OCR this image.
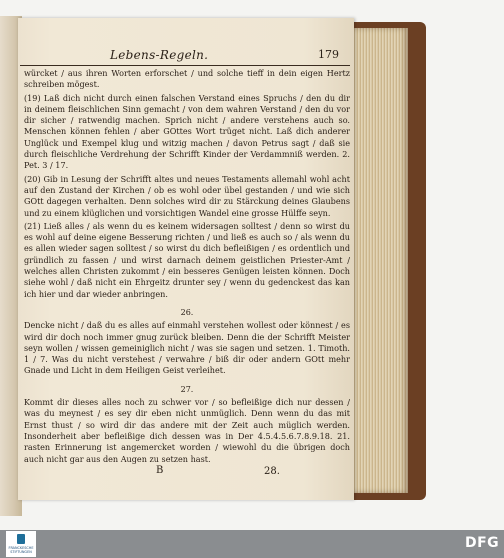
Lebens-Regeln.	179

würcket / aus ihren Worten erforschet / und solche tieff in dein eigen Hertz schreiben mögest.

(19) Laß dich nicht durch einen falschen Verstand eines Spruchs / den du dir in deinem fleischlichen Sinn gemacht / von dem wahren Verstand / den du vor dir sicher / ratwendig machen. Sprich nicht / andere verstehens auch so. Menschen können fehlen / aber GOttes Wort trüget nicht. Laß dich anderer Unglück und Exempel klug und witzig machen / davon Petrus sagt / daß sie durch fleischliche Verdrehung der Schrifft Kinder der Verdammniß werden. 2. Pet. 3 / 17.

(20) Gib in Lesung der Schrifft altes und neues Testaments allemahl wohl acht auf den Zustand der Kirchen / ob es wohl oder übel gestanden / und wie sich GOtt dagegen verhalten. Denn solches wird dir zu Stärckung deines Glaubens und zu einem klüglichen und vorsichtigen Wandel eine grosse Hülffe seyn.

(21) Ließ alles / als wenn du es keinem widersagen solltest / denn so wirst du es wohl auf deine eigene Besserung richten / und ließ es auch so / als wenn du es allen wieder sagen solltest / so wirst du dich befleißigen / es ordentlich und gründlich zu fassen / und wirst darnach deinem geistlichen Priester-Amt / welches allen Christen zukommt / ein besseres Genügen leisten können. Doch siehe wohl / daß nicht ein Ehrgeitz drunter sey / wenn du gedenckest das kan ich hier und dar wieder anbringen.

26.

Dencke nicht / daß du es alles auf einmahl verstehen wollest oder könnest / es wird dir doch noch immer gnug zurück bleiben. Denn die der Schrifft Meister seyn wollen / wissen gemeiniglich nicht / was sie sagen und setzen. 1. Timoth. 1 / 7. Was du nicht verstehest / verwahre / biß dir oder andern GOtt mehr Gnade und Licht in dem Heiligen Geist verleihet.

27.

Kommt dir dieses alles noch zu schwer vor / so befleißige dich nur dessen / was du meynest / es sey dir eben nicht unmüglich. Denn wenn du das mit Ernst thust / so wird dir das andere mit der Zeit auch müglich werden. Insonderheit aber befleißige dich dessen was in Der 4.5.4.5.6.7.8.9.18. 21. rasten Erinnerung ist angemercket worden / wiewohl du die übrigen doch auch nicht gar aus den Augen zu setzen hast.

B	28.
FRANCKESCHE STIFTUNGEN
DFG
